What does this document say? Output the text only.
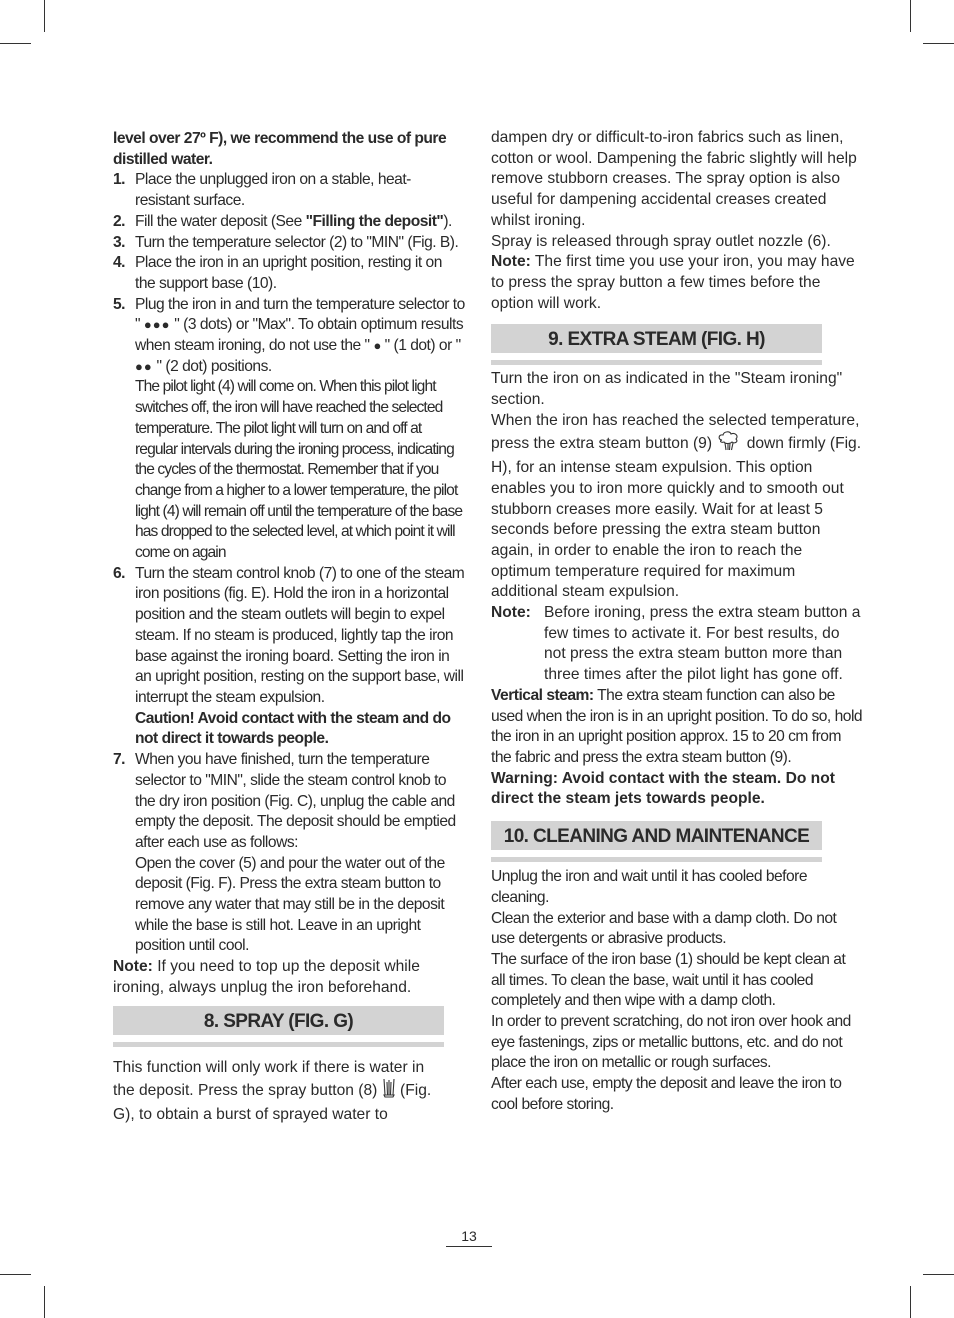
level over 27º F), we recommend the use of pure distilled water.

1. Place the unplugged iron on a stable, heat-resistant surface.
2. Fill the water deposit (See "Filling the deposit").
3. Turn the temperature selector (2) to "MIN" (Fig. B).
4. Place the iron in an upright position, resting it on the support base (10).
5. Plug the iron in and turn the temperature selector to " ●●● " (3 dots) or "Max". To obtain optimum results when steam ironing, do not use the " ● " (1 dot) or " ●● " (2 dot) positions.
The pilot light (4) will come on. When this pilot light switches off, the iron will have reached the selected temperature. The pilot light will turn on and off at regular intervals during the ironing process, indicating the cycles of the thermostat. Remember that if you change from a higher to a lower temperature, the pilot light (4) will remain off until the temperature of the base has dropped to the selected level, at which point it will come on again
6. Turn the steam control knob (7) to one of the steam iron positions (fig. E). Hold the iron in a horizontal position and the steam outlets will begin to expel steam. If no steam is produced, lightly tap the iron base against the ironing board. Setting the iron in an upright position, resting on the support base, will interrupt the steam expulsion.
Caution! Avoid contact with the steam and do not direct it towards people.
7. When you have finished, turn the temperature selector to "MIN", slide the steam control knob to the dry iron position (Fig. C), unplug the cable and empty the deposit. The deposit should be emptied after each use as follows:
Open the cover (5) and pour the water out of the deposit (Fig. F). Press the extra steam button to remove any water that may still be in the deposit while the base is still hot. Leave in an upright position until cool.

Note: If you need to top up the deposit while ironing, always unplug the iron beforehand.

8. SPRAY (FIG. G)

This function will only work if there is water in the deposit. Press the spray button (8)  (Fig. G), to obtain a burst of sprayed water to

dampen dry or difficult-to-iron fabrics such as linen, cotton or wool. Dampening the fabric slightly will help remove stubborn creases. The spray option is also useful for dampening accidental creases created whilst ironing.

Spray is released through spray outlet nozzle (6).

Note: The first time you use your iron, you may have to press the spray button a few times before the option will work.

9. EXTRA STEAM (FIG. H)

Turn the iron on as indicated in the "Steam ironing" section.

When the iron has reached the selected temperature, press the extra steam button (9)  down firmly (Fig. H), for an intense steam expulsion. This option enables you to iron more quickly and to smooth out stubborn creases more easily. Wait for at least 5 seconds before pressing the extra steam button again, in order to enable the iron to reach the optimum temperature required for maximum additional steam expulsion.

Note: Before ironing, press the extra steam button a few times to activate it. For best results, do not press the extra steam button more than three times after the pilot light has gone off.

Vertical steam: The extra steam function can also be used when the iron is in an upright position. To do so, hold the iron in an upright position approx. 15 to 20 cm from the fabric and press the extra steam button (9).

Warning: Avoid contact with the steam. Do not direct the steam jets towards people.

10. CLEANING AND MAINTENANCE

Unplug the iron and wait until it has cooled before cleaning.

Clean the exterior and base with a damp cloth. Do not use detergents or abrasive products.

The surface of the iron base (1) should be kept clean at all times. To clean the base, wait until it has cooled completely and then wipe with a damp cloth.

In order to prevent scratching, do not iron over hook and eye fastenings, zips or metallic buttons, etc. and do not place the iron on metallic or rough surfaces.

After each use, empty the deposit and leave the iron to cool before storing.

13
